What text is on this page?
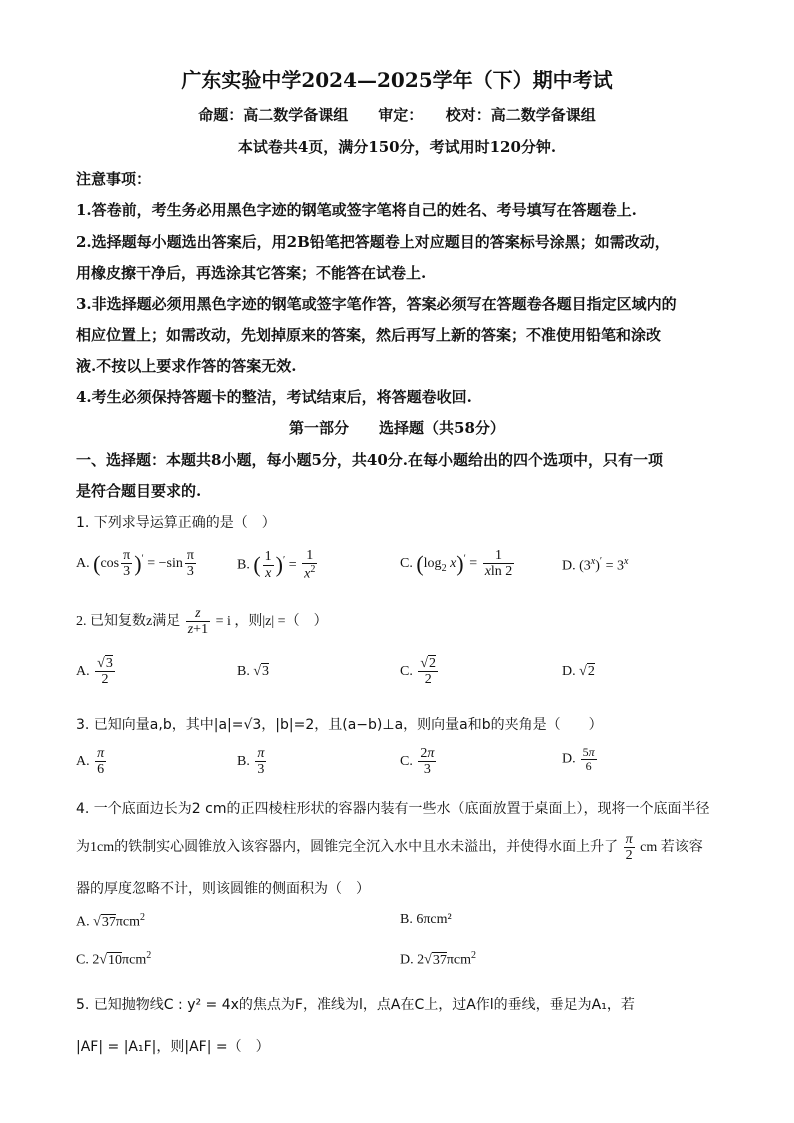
广东实验中学2024—2025学年（下）期中考试
命题：高二数学备课组　　审定：　　校对：高二数学备课组
本试卷共4页，满分150分，考试用时120分钟.
注意事项：
1.答卷前，考生务必用黑色字迹的钢笔或签字笔将自己的姓名、考号填写在答题卷上.
2.选择题每小题选出答案后，用2B铅笔把答题卷上对应题目的答案标号涂黑；如需改动，
用橡皮擦干净后，再选涂其它答案；不能答在试卷上.
3.非选择题必须用黑色字迹的钢笔或签字笔作答，答案必须写在答题卷各题目指定区域内的
相应位置上；如需改动，先划掉原来的答案，然后再写上新的答案；不准使用铅笔和涂改
液.不按以上要求作答的答案无效.
4.考生必须保持答题卡的整洁，考试结束后，将答题卷收回.
第一部分　　选择题（共58分）
一、选择题：本题共8小题，每小题5分，共40分.在每小题给出的四个选项中，只有一项
是符合题目要求的.
1. 下列求导运算正确的是（　）
A. $(\cos \frac{\pi}{3} )' = -\sin \frac{\pi}{3}$	B. ( $\frac{1}{x} )' = \frac{1}{x^2}$	C. ($\log_2$ $x)' = \frac{1}{xln 2}$	D. $(3^x)' = 3^x$
2. 已知复数z满足 $\frac{z}{z+1} = i$ ，则|z| =（　）
A. $\frac{√3}{2}$	B. √3	C. $\frac{√2}{2}$	D. √2
3. 已知向量a,b，其中|a|=√3，|b|=2，且(a−b)⊥a，则向量a和b的夹角是（　　）
A. $\frac{\pi}{6}$	B. $\frac{\pi}{3}$	C. $\frac{2\pi}{3}$	D. $\frac{5\pi}{6}$
4. 一个底面边长为2 cm的正四棱柱形状的容器内装有一些水（底面放置于桌面上），现将一个底面半径
为1cm的铁制实心圆锥放入该容器内，圆锥完全沉入水中且水未溢出，并使得水面上升了 $\frac{\pi}{2}$ cm 若该容
器的厚度忽略不计，则该圆锥的侧面积为（　）
A. √37πcm$^2$	B. 6πcm²
C. 2√10πcm$^2$	D. 2√37πcm$^2$
5. 已知抛物线C : y² = 4x的焦点为F，准线为l，点A在C上，过A作l的垂线，垂足为A₁，若
|AF| = |A₁F|，则|AF| =（　）
